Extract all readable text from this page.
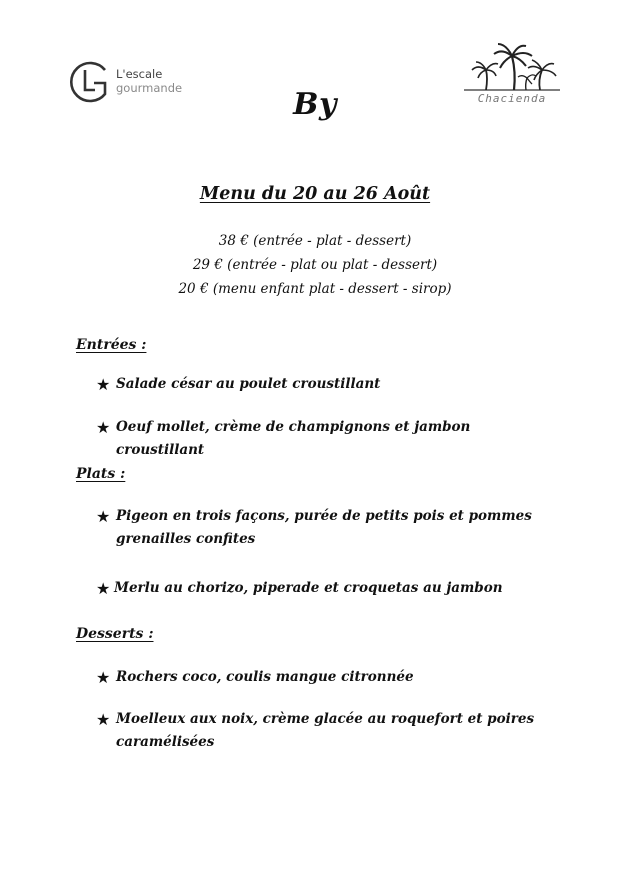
L'escale
gourmande	By	Chacienda
Menu du 20 au 26 Août
38 € (entrée - plat - dessert)
29 € (entrée - plat ou plat - dessert)
20 € (menu enfant plat - dessert - sirop)
Entrées :
★ Salade césar au poulet croustillant
★ Oeuf mollet, crème de champignons et jambon croustillant
Plats :
★ Pigeon en trois façons, purée de petits pois et pommes grenailles confites
★ Merlu au chorizo, piperade et croquetas au jambon
Desserts :
★ Rochers coco, coulis mangue citronnée
★ Moelleux aux noix, crème glacée au roquefort et poires caramélisées
